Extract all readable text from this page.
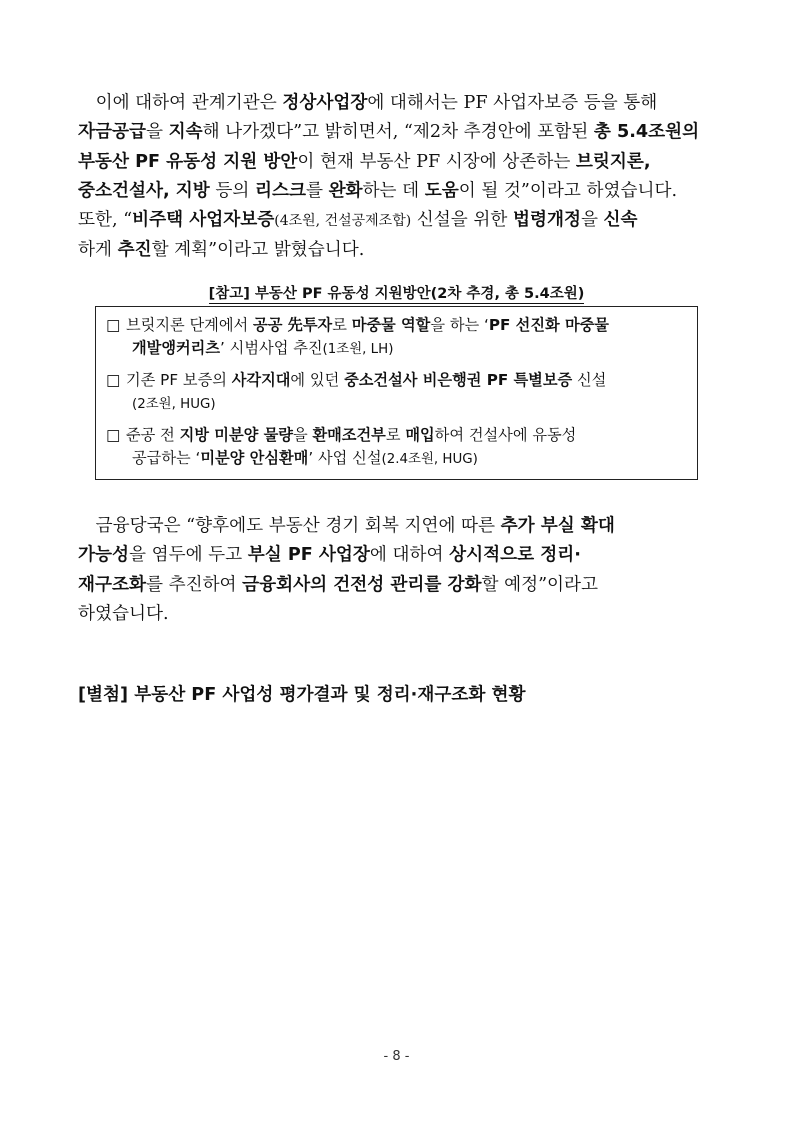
　이에 대하여 관계기관은 정상사업장에 대해서는 PF 사업자보증 등을 통해

자금공급을 지속해 나가겠다”고 밝히면서, “제2차 추경안에 포함된 총 5.4조원의

부동산 PF 유동성 지원 방안이 현재 부동산 PF 시장에 상존하는 브릿지론,

중소건설사, 지방 등의 리스크를 완화하는 데 도움이 될 것”이라고 하였습니다.

또한, “비주택 사업자보증(4조원, 건설공제조합) 신설을 위한 법령개정을 신속

하게 추진할 계획”이라고 밝혔습니다.

[참고] 부동산 PF 유동성 지원방안(2차 추경, 총 5.4조원)
□ 브릿지론 단계에서 공공 先투자로 마중물 역할을 하는 ‘PF 선진화 마중물
개발앵커리츠’ 시범사업 추진(1조원, LH)
□ 기존 PF 보증의 사각지대에 있던 중소건설사 비은행권 PF 특별보증 신설
(2조원, HUG)
□ 준공 전 지방 미분양 물량을 환매조건부로 매입하여 건설사에 유동성
공급하는 ‘미분양 안심환매’ 사업 신설(2.4조원, HUG)

　금융당국은 “향후에도 부동산 경기 회복 지연에 따른 추가 부실 확대

가능성을 염두에 두고 부실 PF 사업장에 대하여 상시적으로 정리·

재구조화를 추진하여 금융회사의 건전성 관리를 강화할 예정”이라고

하였습니다.

[별첨] 부동산 PF 사업성 평가결과 및 정리·재구조화 현황
- 8 -
